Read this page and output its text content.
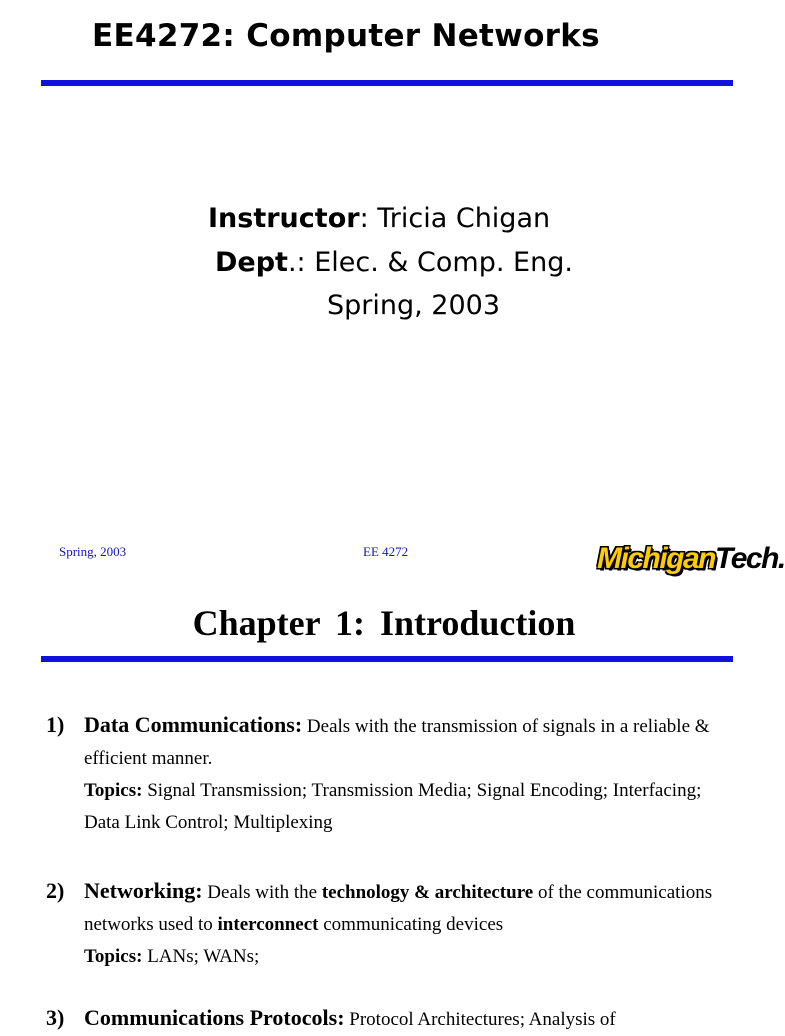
EE4272: Computer Networks
Instructor: Tricia Chigan
Dept.: Elec. & Comp. Eng.
Spring, 2003
Spring, 2003	EE 4272	MichiganTech.
Chapter 1: Introduction
1) Data Communications: Deals with the transmission of signals in a reliable & efficient manner.
Topics: Signal Transmission; Transmission Media; Signal Encoding; Interfacing; Data Link Control; Multiplexing
2) Networking: Deals with the technology & architecture of the communications networks used to interconnect communicating devices
Topics: LANs; WANs;
3) Communications Protocols: Protocol Architectures; Analysis of
